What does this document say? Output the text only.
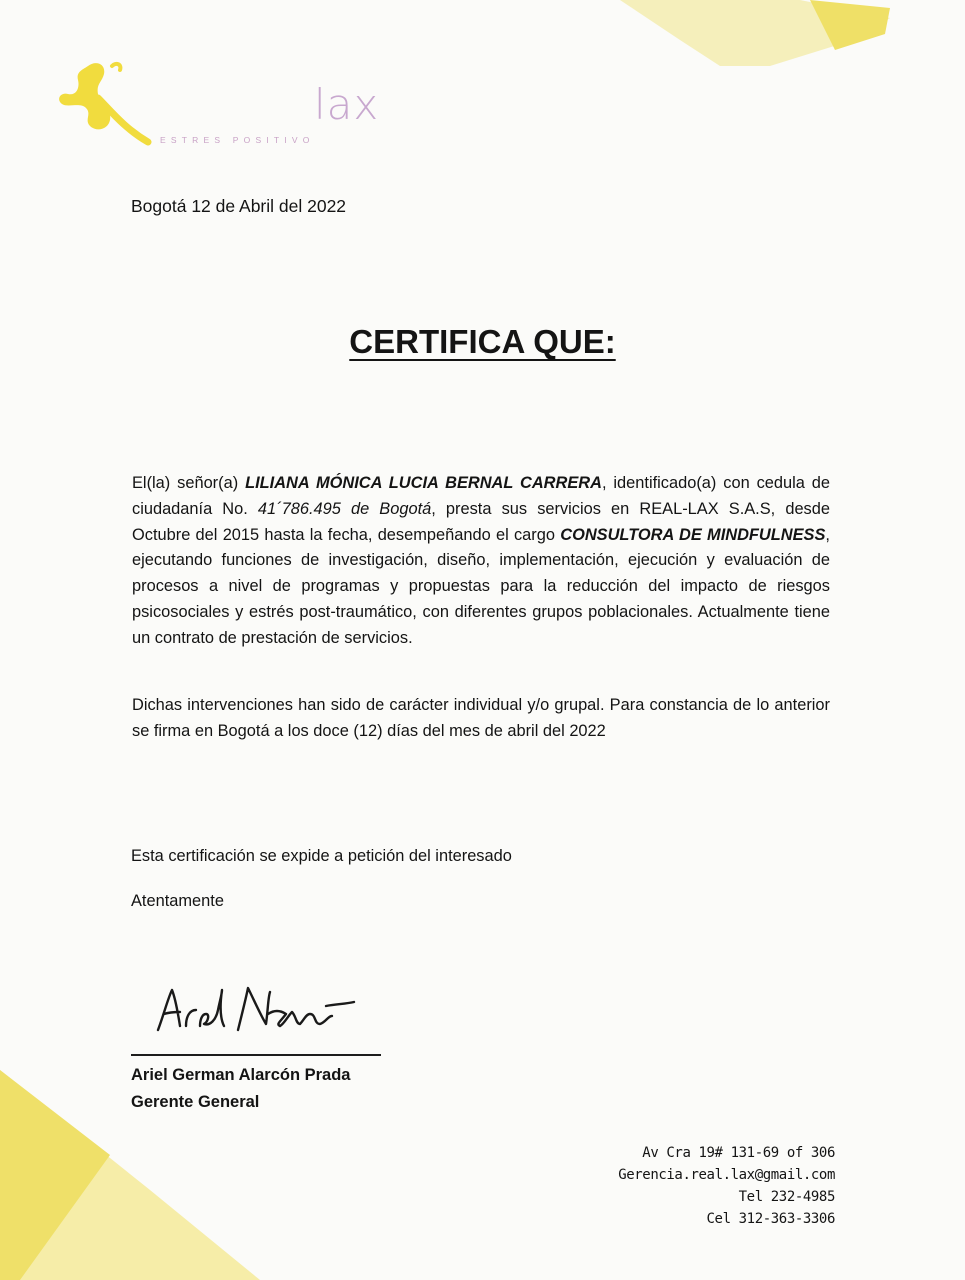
lax
ESTRES POSITIVO
Bogotá 12 de Abril del 2022
CERTIFICA QUE:
El(la) señor(a) LILIANA MÓNICA LUCIA BERNAL CARRERA, identificado(a) con cedula de ciudadanía No. 41´786.495 de Bogotá, presta sus servicios en REAL-LAX S.A.S, desde Octubre del 2015 hasta la fecha, desempeñando el cargo CONSULTORA DE MINDFULNESS, ejecutando funciones de investigación, diseño, implementación, ejecución y evaluación de procesos a nivel de programas y propuestas para la reducción del impacto de riesgos psicosociales y estrés post-traumático, con diferentes grupos poblacionales. Actualmente tiene un contrato de prestación de servicios.
Dichas intervenciones han sido de carácter individual y/o grupal. Para constancia de lo anterior se firma en Bogotá a los doce (12) días del mes de abril del 2022
Esta certificación se expide a petición del interesado
Atentamente
Ariel German Alarcón Prada
Gerente General
Av Cra 19# 131-69 of 306
Gerencia.real.lax@gmail.com
Tel 232-4985
Cel 312-363-3306
